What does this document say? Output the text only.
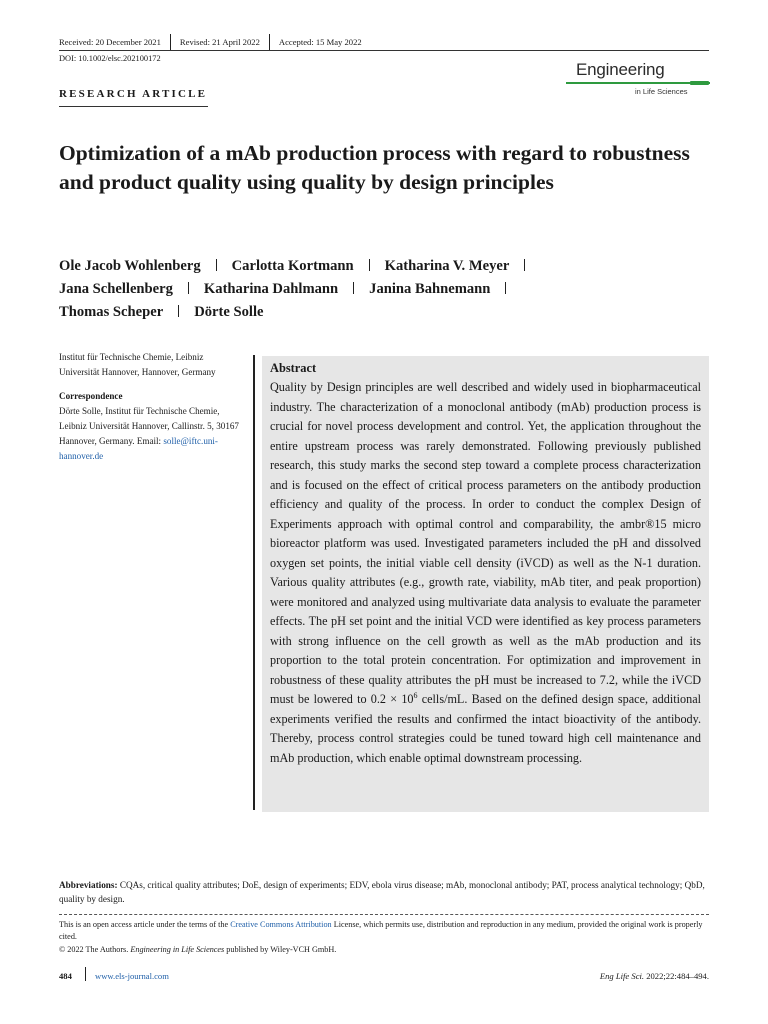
Received: 20 December 2021 Revised: 21 April 2022 Accepted: 15 May 2022
DOI: 10.1002/elsc.202100172
Engineering
in Life Sciences
RESEARCH ARTICLE
Optimization of a mAb production process with regard to robustness and product quality using quality by design principles
Ole Jacob Wohlenberg Carlotta Kortmann Katharina V. Meyer
Jana Schellenberg Katharina Dahlmann Janina Bahnemann
Thomas Scheper Dörte Solle

Institut für Technische Chemie, Leibniz Universität Hannover, Hannover, Germany

Correspondence

Dörte Solle, Institut für Technische Chemie, Leibniz Universität Hannover, Callinstr. 5, 30167 Hannover, Germany. Email: solle@iftc.uni-hannover.de

Abstract

Quality by Design principles are well described and widely used in biopharmaceutical industry. The characterization of a monoclonal antibody (mAb) production process is crucial for novel process development and control. Yet, the application throughout the entire upstream process was rarely demonstrated. Following previously published research, this study marks the second step toward a complete process characterization and is focused on the effect of critical process parameters on the antibody production efficiency and quality of the process. In order to conduct the complex Design of Experiments approach with optimal control and comparability, the ambr®15 micro bioreactor platform was used. Investigated parameters included the pH and dissolved oxygen set points, the initial viable cell density (iVCD) as well as the N-1 duration. Various quality attributes (e.g., growth rate, viability, mAb titer, and peak proportion) were monitored and analyzed using multivariate data analysis to evaluate the parameter effects. The pH set point and the initial VCD were identified as key process parameters with strong influence on the cell growth as well as the mAb production and its proportion to the total protein concentration. For optimization and improvement in robustness of these quality attributes the pH must be increased to 7.2, while the iVCD must be lowered to $0.2 \times 10^6$ cells/mL. Based on the defined design space, additional experiments verified the results and confirmed the intact bioactivity of the antibody. Thereby, process control strategies could be tuned toward high cell maintenance and mAb production, which enable optimal downstream processing.

Abbreviations: CQAs, critical quality attributes; DoE, design of experiments; EDV, ebola virus disease; mAb, monoclonal antibody; PAT, process analytical technology; QbD, quality by design.

This is an open access article under the terms of the Creative Commons Attribution License, which permits use, distribution and reproduction in any medium, provided the original work is properly cited.

© 2022 The Authors. Engineering in Life Sciences published by Wiley-VCH GmbH.

484	www.els-journal.com	Eng Life Sci. 2022;22:484–494.
